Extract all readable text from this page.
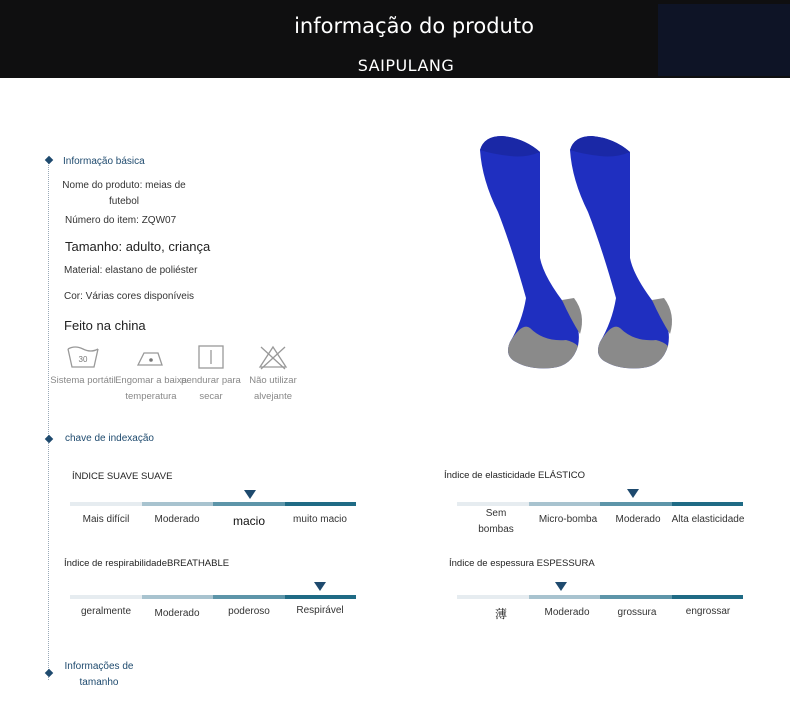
informação do produto
SAIPULANG
Informação básica
Nome do produto: meias de futebol
Número do item: ZQW07
Tamanho: adulto, criança
Material: elastano de poliéster
Cor: Várias cores disponíveis
Feito na china
30
Sistema portátil Engomar a baixa temperatura
pendurar para secar
Não utilizar alvejante
chave de indexação
ÍNDICE SUAVE SUAVE
Mais difícil	Moderado	macio	muito macio
Índice de elasticidade ELÁSTICO
Sem bombas
Micro-bomba	Moderado	Alta elasticidade
Índice de respirabilidadeBREATHABLE
geralmente	Moderado	poderoso	Respirável
Índice de espessura ESPESSURA
薄	Moderado	grossura	engrossar
Informações de tamanho
